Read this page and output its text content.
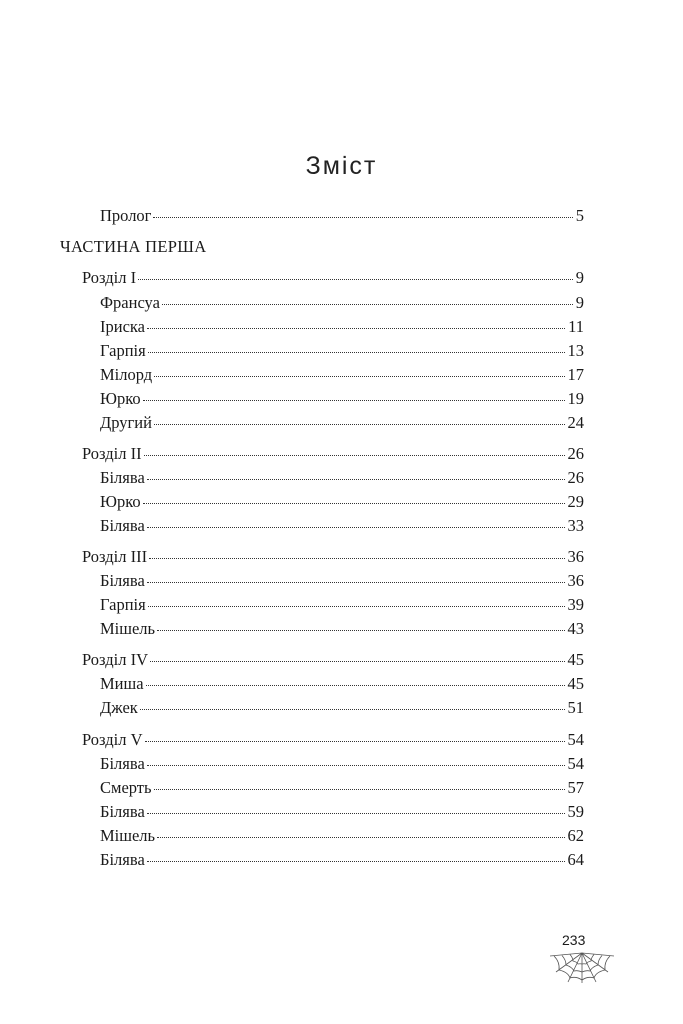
Зміст
Пролог	5
ЧАСТИНА ПЕРША
Розділ I	9
Франсуа	9
Іриска	11
Гарпія	13
Мілорд	17
Юрко	19
Другий	24
Розділ II	26
Білява	26
Юрко	29
Білява	33
Розділ III	36
Білява	36
Гарпія	39
Мішель	43
Розділ IV	45
Миша	45
Джек	51
Розділ V	54
Білява	54
Смерть	57
Білява	59
Мішель	62
Білява	64
233
